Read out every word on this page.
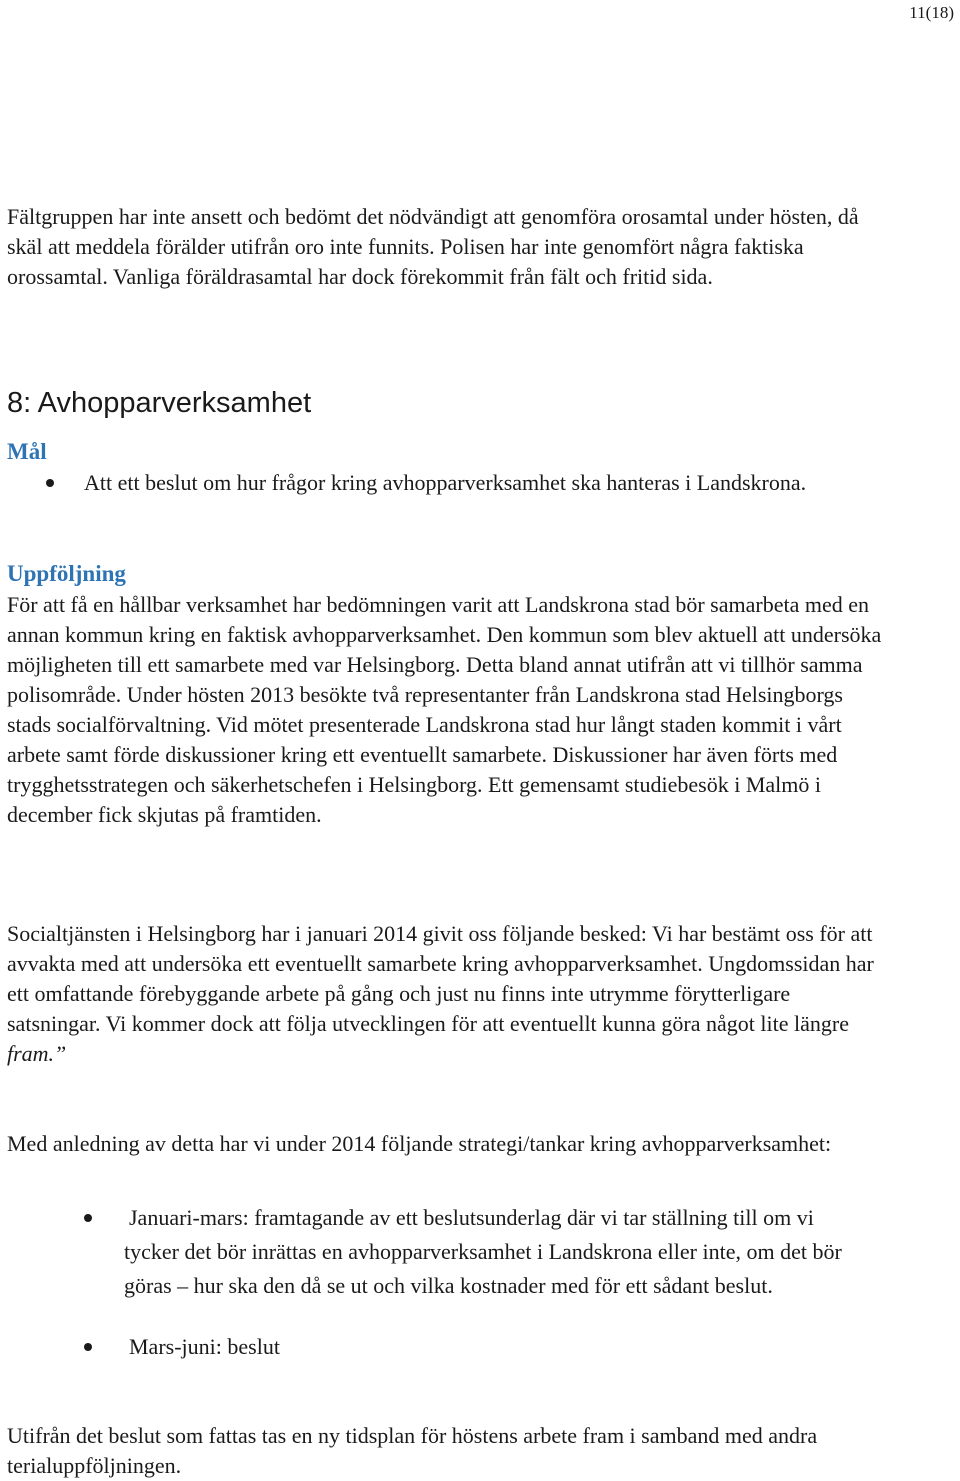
11(18)

Fältgruppen har inte ansett och bedömt det nödvändigt att genomföra orosamtal under hösten, då skäl att meddela förälder utifrån oro inte funnits. Polisen har inte genomfört några faktiska orossamtal. Vanliga föräldrasamtal har dock förekommit från fält och fritid sida.

8: Avhopparverksamhet
Mål
Att ett beslut om hur frågor kring avhopparverksamhet ska hanteras i Landskrona.
Uppföljning

För att få en hållbar verksamhet har bedömningen varit att Landskrona stad bör samarbeta med en annan kommun kring en faktisk avhopparverksamhet. Den kommun som blev aktuell att undersöka möjligheten till ett samarbete med var Helsingborg. Detta bland annat utifrån att vi tillhör samma polisområde. Under hösten 2013 besökte två representanter från Landskrona stad Helsingborgs stads socialförvaltning. Vid mötet presenterade Landskrona stad hur långt staden kommit i vårt arbete samt förde diskussioner kring ett eventuellt samarbete. Diskussioner har även förts med trygghetsstrategen och säkerhetschefen i Helsingborg. Ett gemensamt studiebesök i Malmö i december fick skjutas på framtiden.

Socialtjänsten i Helsingborg har i januari 2014 givit oss följande besked: Vi har bestämt oss för att avvakta med att undersöka ett eventuellt samarbete kring avhopparverksamhet. Ungdomssidan har ett omfattande förebyggande arbete på gång och just nu finns inte utrymme förytterligare satsningar. Vi kommer dock att följa utvecklingen för att eventuellt kunna göra något lite längre fram.”

Med anledning av detta har vi under 2014 följande strategi/tankar kring avhopparverksamhet:

Januari-mars: framtagande av ett beslutsunderlag där vi tar ställning till om vi tycker det bör inrättas en avhopparverksamhet i Landskrona eller inte, om det bör göras – hur ska den då se ut och vilka kostnader med för ett sådant beslut.
Mars-juni: beslut

Utifrån det beslut som fattas tas en ny tidsplan för höstens arbete fram i samband med andra terialuppföljningen.
